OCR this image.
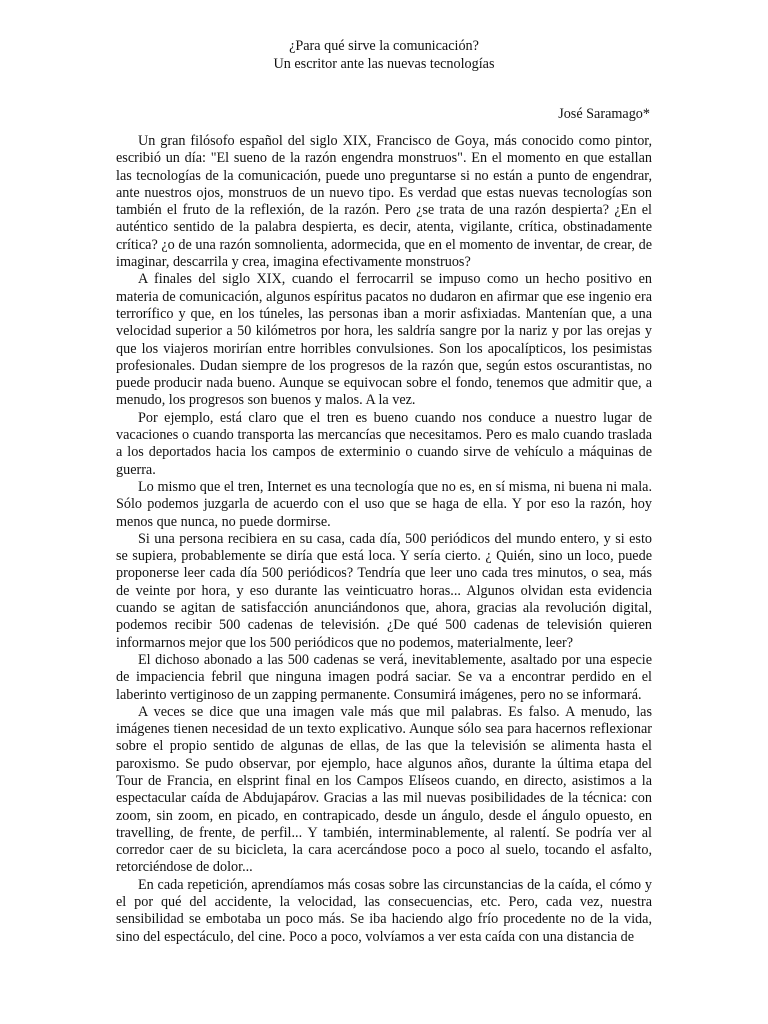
¿Para qué sirve la comunicación?
Un escritor ante las nuevas tecnologías
José Saramago*

Un gran filósofo español del siglo XIX, Francisco de Goya, más conocido como pintor, escribió un día: "El sueno de la razón engendra monstruos". En el momento en que estallan las tecnologías de la comunicación, puede uno preguntarse si no están a punto de engendrar, ante nuestros ojos, monstruos de un nuevo tipo. Es verdad que estas nuevas tecnologías son también el fruto de la reflexión, de la razón. Pero ¿se trata de una razón despierta? ¿En el auténtico sentido de la palabra despierta, es decir, atenta, vigilante, crítica, obstinadamente crítica? ¿o de una razón somnolienta, adormecida, que en el momento de inventar, de crear, de imaginar, descarrila y crea, imagina efectivamente monstruos?

A finales del siglo XIX, cuando el ferrocarril se impuso como un hecho positivo en materia de comunicación, algunos espíritus pacatos no dudaron en afirmar que ese ingenio era terrorífico y que, en los túneles, las personas iban a morir asfixiadas. Mantenían que, a una velocidad superior a 50 kilómetros por hora, les saldría sangre por la nariz y por las orejas y que los viajeros morirían entre horribles convulsiones. Son los apocalípticos, los pesimistas profesionales. Dudan siempre de los progresos de la razón que, según estos oscurantistas, no puede producir nada bueno. Aunque se equivocan sobre el fondo, tenemos que admitir que, a menudo, los progresos son buenos y malos. A la vez.

Por ejemplo, está claro que el tren es bueno cuando nos conduce a nuestro lugar de vacaciones o cuando transporta las mercancías que necesitamos. Pero es malo cuando traslada a los deportados hacia los campos de exterminio o cuando sirve de vehículo a máquinas de guerra.

Lo mismo que el tren, Internet es una tecnología que no es, en sí misma, ni buena ni mala. Sólo podemos juzgarla de acuerdo con el uso que se haga de ella. Y por eso la razón, hoy menos que nunca, no puede dormirse.

Si una persona recibiera en su casa, cada día, 500 periódicos del mundo entero, y si esto se supiera, probablemente se diría que está loca. Y sería cierto. ¿ Quién, sino un loco, puede proponerse leer cada día 500 periódicos? Tendría que leer uno cada tres minutos, o sea, más de veinte por hora, y eso durante las veinticuatro horas... Algunos olvidan esta evidencia cuando se agitan de satisfacción anunciándonos que, ahora, gracias ala revolución digital, podemos recibir 500 cadenas de televisión. ¿De qué 500 cadenas de televisión quieren informarnos mejor que los 500 periódicos que no podemos, materialmente, leer?

El dichoso abonado a las 500 cadenas se verá, inevitablemente, asaltado por una especie de impaciencia febril que ninguna imagen podrá saciar. Se va a encontrar perdido en el laberinto vertiginoso de un zapping permanente. Consumirá imágenes, pero no se informará.

A veces se dice que una imagen vale más que mil palabras. Es falso. A menudo, las imágenes tienen necesidad de un texto explicativo. Aunque sólo sea para hacernos reflexionar sobre el propio sentido de algunas de ellas, de las que la televisión se alimenta hasta el paroxismo. Se pudo observar, por ejemplo, hace algunos años, durante la última etapa del Tour de Francia, en elsprint final en los Campos Elíseos cuando, en directo, asistimos a la espectacular caída de Abdujapárov. Gracias a las mil nuevas posibilidades de la técnica: con zoom, sin zoom, en picado, en contrapicado, desde un ángulo, desde el ángulo opuesto, en travelling, de frente, de perfil... Y también, interminablemente, al ralentí. Se podría ver al corredor caer de su bicicleta, la cara acercándose poco a poco al suelo, tocando el asfalto, retorciéndose de dolor...

En cada repetición, aprendíamos más cosas sobre las circunstancias de la caída, el cómo y el por qué del accidente, la velocidad, las consecuencias, etc. Pero, cada vez, nuestra sensibilidad se embotaba un poco más. Se iba haciendo algo frío procedente no de la vida, sino del espectáculo, del cine. Poco a poco, volvíamos a ver esta caída con una distancia de
